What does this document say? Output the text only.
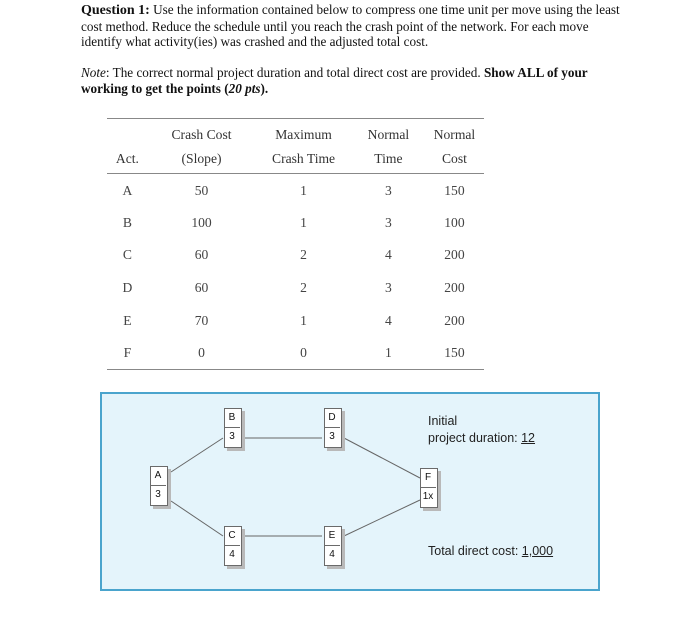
Question 1: Use the information contained below to compress one time unit per move using the least cost method. Reduce the schedule until you reach the crash point of the network. For each move identify what activity(ies) was crashed and the adjusted total cost.
Note: The correct normal project duration and total direct cost are provided. Show ALL of your working to get the points (20 pts).
	Crash Cost	Maximum	Normal	Normal
Act.	(Slope)	Crash Time	Time	Cost
A	50	1	3	150
B	100	1	3	100
C	60	2	4	200
D	60	2	3	200
E	70	1	4	200
F	0	0	1	150
A
3
B
3
C
4
D
3
E
4
F
1x
Initial
project duration: 12
Total direct cost: 1,000
